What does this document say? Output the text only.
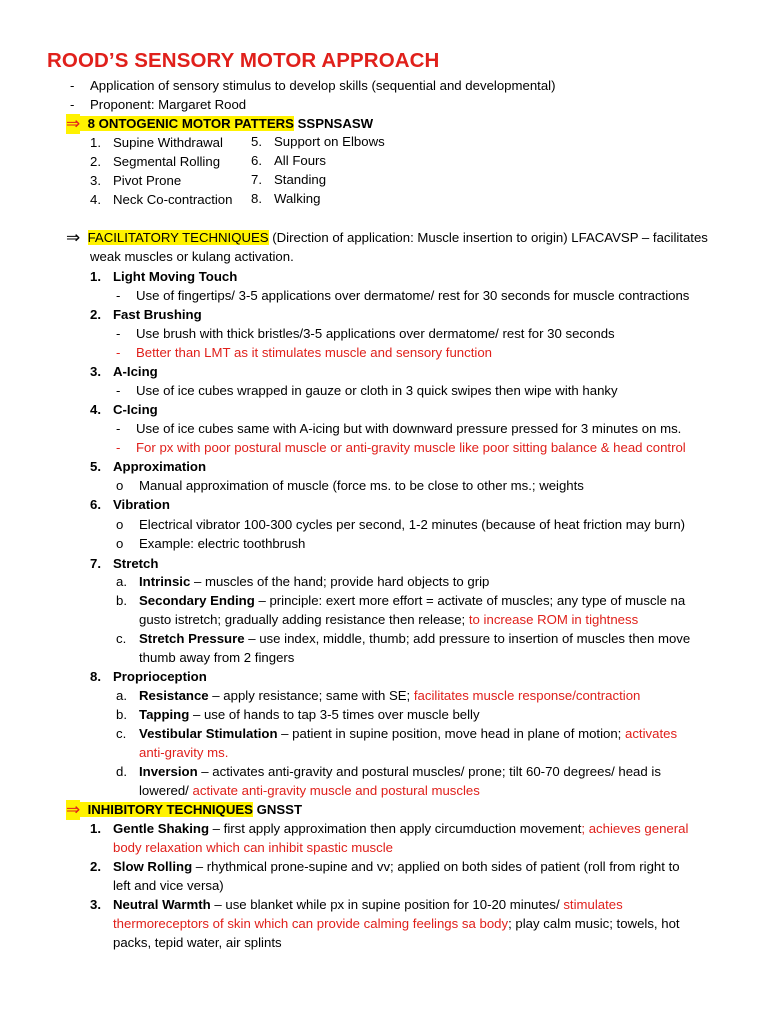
ROOD’S SENSORY MOTOR APPROACH
- Application of sensory stimulus to develop skills (sequential and developmental)
- Proponent: Margaret Rood
⇒ 8 ONTOGENIC MOTOR PATTERS SSPNSASW
1. Supine Withdrawal
2. Segmental Rolling
3. Pivot Prone
4. Neck Co-contraction
5. Support on Elbows
6. All Fours
7. Standing
8. Walking
⇒ FACILITATORY TECHNIQUES (Direction of application: Muscle insertion to origin) LFACAVSP – facilitates
weak muscles or kulang activation.
1. Light Moving Touch
- Use of fingertips/ 3-5 applications over dermatome/ rest for 30 seconds for muscle contractions
2. Fast Brushing
- Use brush with thick bristles/3-5 applications over dermatome/ rest for 30 seconds
- Better than LMT as it stimulates muscle and sensory function
3. A-Icing
- Use of ice cubes wrapped in gauze or cloth in 3 quick swipes then wipe with hanky
4. C-Icing
- Use of ice cubes same with A-icing but with downward pressure pressed for 3 minutes on ms.
- For px with poor postural muscle or anti-gravity muscle like poor sitting balance & head control
5. Approximation
o Manual approximation of muscle (force ms. to be close to other ms.; weights
6. Vibration
o Electrical vibrator 100-300 cycles per second, 1-2 minutes (because of heat friction may burn)
o Example: electric toothbrush
7. Stretch
a. Intrinsic – muscles of the hand; provide hard objects to grip
b. Secondary Ending – principle: exert more effort = activate of muscles; any type of muscle na
gusto istretch; gradually adding resistance then release; to increase ROM in tightness
c. Stretch Pressure – use index, middle, thumb; add pressure to insertion of muscles then move
thumb away from 2 fingers
8. Proprioception
a. Resistance – apply resistance; same with SE; facilitates muscle response/contraction
b. Tapping – use of hands to tap 3-5 times over muscle belly
c. Vestibular Stimulation – patient in supine position, move head in plane of motion; activates
anti-gravity ms.
d. Inversion – activates anti-gravity and postural muscles/ prone; tilt 60-70 degrees/ head is
lowered/ activate anti-gravity muscle and postural muscles
⇒ INHIBITORY TECHNIQUES GNSST
1. Gentle Shaking – first apply approximation then apply circumduction movement; achieves general
body relaxation which can inhibit spastic muscle
2. Slow Rolling – rhythmical prone-supine and vv; applied on both sides of patient (roll from right to
left and vice versa)
3. Neutral Warmth – use blanket while px in supine position for 10-20 minutes/ stimulates
thermoreceptors of skin which can provide calming feelings sa body; play calm music; towels, hot
packs, tepid water, air splints
